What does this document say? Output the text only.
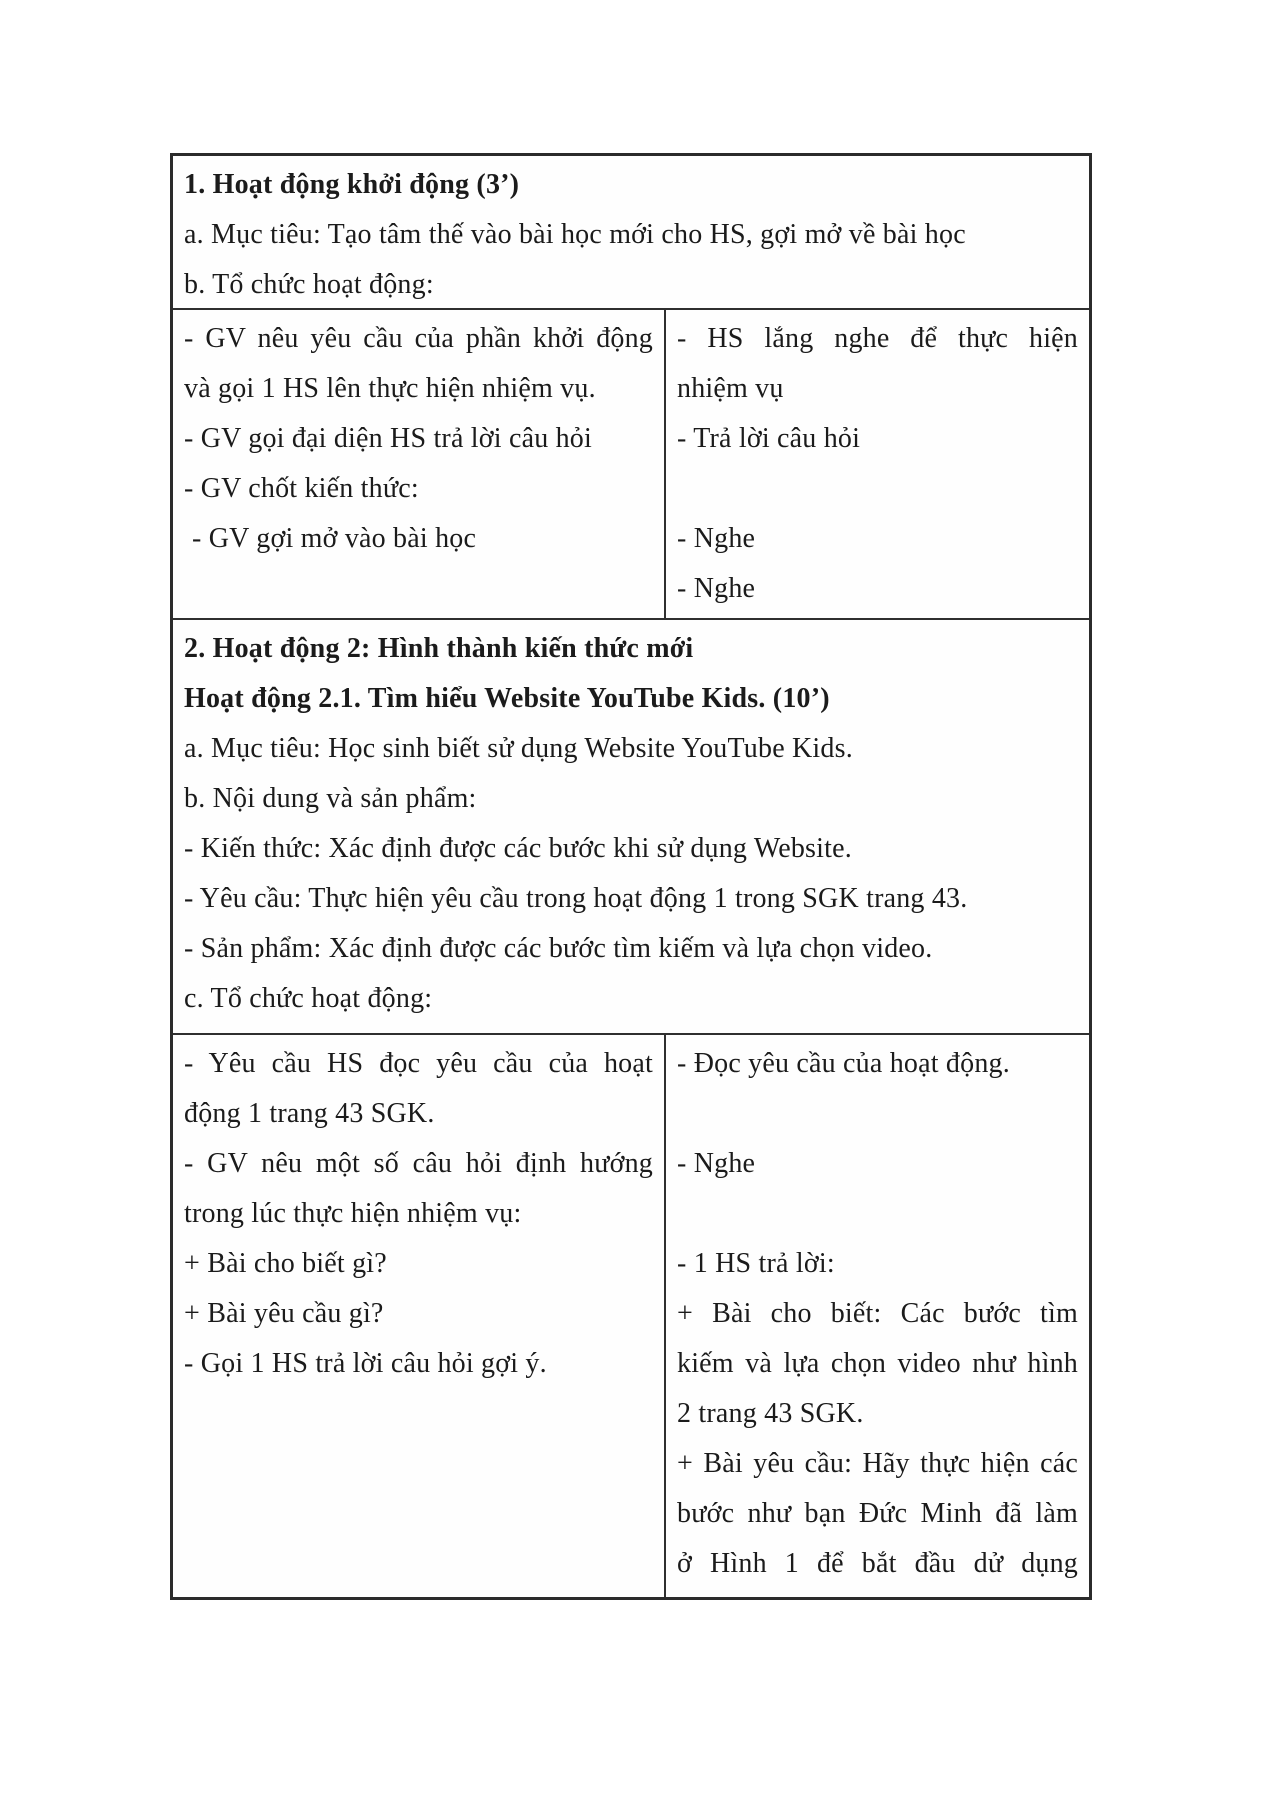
1. Hoạt động khởi động (3’)
a. Mục tiêu: Tạo tâm thế vào bài học mới cho HS, gợi mở về bài học
b. Tổ chức hoạt động:
- GV nêu yêu cầu của phần khởi động
và gọi 1 HS lên thực hiện nhiệm vụ.
- GV gọi đại diện HS trả lời câu hỏi
- GV chốt kiến thức:
- GV gợi mở vào bài học
- HS lắng nghe để thực hiện
nhiệm vụ
- Trả lời câu hỏi
- Nghe
- Nghe
2. Hoạt động 2: Hình thành kiến thức mới
Hoạt động 2.1. Tìm hiểu Website YouTube Kids. (10’)
a. Mục tiêu: Học sinh biết sử dụng Website YouTube Kids.
b. Nội dung và sản phẩm:
- Kiến thức: Xác định được các bước khi sử dụng Website.
- Yêu cầu: Thực hiện yêu cầu trong hoạt động 1 trong SGK trang 43.
- Sản phẩm: Xác định được các bước tìm kiếm và lựa chọn video.
c. Tổ chức hoạt động:
- Yêu cầu HS đọc yêu cầu của hoạt
động 1 trang 43 SGK.
- GV nêu một số câu hỏi định hướng
trong lúc thực hiện nhiệm vụ:
+ Bài cho biết gì?
+ Bài yêu cầu gì?
- Gọi 1 HS trả lời câu hỏi gợi ý.
- Đọc yêu cầu của hoạt động.
- Nghe
- 1 HS trả lời:
+ Bài cho biết: Các bước tìm
kiếm và lựa chọn video như hình
2 trang 43 SGK.
+ Bài yêu cầu: Hãy thực hiện các
bước như bạn Đức Minh đã làm
ở Hình 1 để bắt đầu dử dụng
